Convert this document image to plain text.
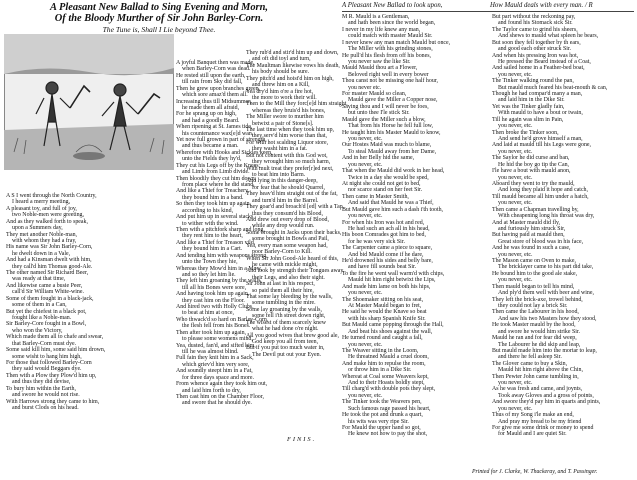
A Pleasant New Ballad to Sing Evening and Morn,
Of the Bloody Murther of Sir John Barley-Corn.
The Tune is, Shall I Lie beyond Thee.
A S I went through the North Country,
I heard a merry meeting,
A pleasant toy, and full of joy,
two Noble-men were greeting,
And as they walked forth to speak,
upon a Summers day,
They met another Noble-man,
with whom they had a fray,
His name was Sir John Barley-Corn,
he dwelt down in a Vale,
And had a Kinsman dwelt with him,
they call'd him Thomas good-Ale.
The other named Sir Richard Beer,
was ready at that time,
And likewise came a busie Peer,
call'd Sir William White-wine.
Some of them fought in a black-jack,
some of them in a Can,
But yet the chiefest in a black pot,
fought like a Noble-man.
Sir Barley-Core fought in a Bowl,
who won the Victory,
Which made them all to chafe and swear,
that Barley-Corn must dye.
Some said kill him, some said him drown,
some wisht to hang him high,
For those that followed Barley-Corn
they said would Beggars dye.
Then with a Plow they Plow'd him up,
and thus they did devise,
To bury him within the Earth,
and swore he would not rise.
With Harrows strong they came to him,
and burst Clods on his head.
A joyful Banquet then was made,
when Barley-Corn was dead.
He rested still upon the earth,
till rain from Sky did fall,
Then he grew upon branches green,
which sore amaz'd them all.
Increasing thus till Midsummer,
he made them all afraid,
For he sprang up on high,
and had a goodly Beard.
When ripening at St. James tide,
his countenance wax[e]d wan,
Yet now full grown in part of strength,
and thus became a man.
Wherefore with Hooks and Sickles keen,
unto the Fields they hy'd,
They cut his Legs off by the Knees,
and Limb from Limb divide.
Then bloodily they cut him down,
from place where he did stand,
And like a Thief for Treachery,
they bound him in a band.
So then they took him up again,
according to his kind,
And put him up in several stacks,
to wither with the wind.
Then with a pitchfork sharp and long,
they rent him to the heart,
And like a Thief for Treason vild,
they bound him in a Cart.
And tending him with weapons strong,
unto the Town they hie,
Whereas they Mow'd him in a Mow,
and so they let him lie.
They left him groaning by the walls,
till all his Bones were sore,
And having took him up again,
they cast him on the Floor.
And hired two with Holly Clubs,
to beat at him at once,
Who thwack'd so hard on Barley-Corn,
the flesh fell from his Bones.
Then after took him up again,
to please some womens mind,
Yea, dusted, fan'd, and sifted him,
till he was almost blind.
Full fain they knit him in a Sack,
which griev'd him very sore,
And soundly steept him in a Fat,
for three days space and more.
From whence again they took him out,
and laid him forth to dry,
Then cast him on the Chamber Floor,
and swore that he should dye.
They rub'd and stir'd him up and down,
and oft did toyl and turn,
The Maultman likewise vows his death,
his body should be sure.
They pitch'd and hoist'd him on high,
and threw him on a Kill,
Yea dry'd him o're a fire hot,
the more to work their will.
Then to the Mill they forc[e]d him straight,
whereas they bruis'd his bones,
The Miller swore to murther him
betwixt a pair of Stone[s].
The last time when they took him up,
they serv'd him worse than that,
For with hot scalding Liquor store,
they washt him in a fat.
But not content with this God wot,
they wrought him so much harm,
With mult treat they prefer[r]ed next,
to beat him into Barm.
And lying in this danger-deep,
for fear that he should Quarrel,
They heav'd him straight out of the fat,
and turn'd him in the Barrel.
They goar'd and broach'd [ed] with a Tap,
thus they consum'd his Blood,
And drew out every drop of Blood,
while any drop would run.
Some brought in Jacks upon their backs,
some brought in Bowls and Pail,
Yea, every man some weapon had,
poor Barley-Corn to Kill.
When Sir John Good-Ale heard of this,
he came with mickle might,
And took by strength their Tongues away,
their Legs, and also their sight.
Sir John at last in his respect,
so paid them all their hire,
That some lay bleeding by the walls,
some tumbling in the mire.
Some lay groaning by the walls,
some fell i'th street down right,
The wisest of them scarcely knew
what he had done o're night.
All you good wives that brew good ale,
God keep you all from teen,
But if you put too much water in,
The Devil put out your Eyen.
FINIS.
A Pleasant New Ballad to look upon,	How Mauld deals with every man. / R
M R. Mauld is a Gentleman,
and hath been since the world began,
I never in my life knew any man,
could match with master Mauld Sir.
I never knew any man match Mauld but once,
The Miller with his grinding stones,
He pull'd his flesh from off his bones,
you never saw the like Sir.
Mauld Mauld thou art a Flower,
Beloved right well in every bower
Thou canst not be missing one half hour,
you never etc.
For master Mauld so clean,
Mauld gave the Miller a Copper nose,
Saying thou and I will never be foes,
but unto thee I'le stick Sir.
Mauld gave the Miller such a blow,
That from his Horse he fell full low,
He taught him his Master Mauld to know,
you never, etc.
Our Hostes Maid was much to blame,
To steal Mauld away from her Dame,
And in her Belly hid the same,
you never, etc.
That when the Mauld did work in her head,
Twice in a day she would be sped,
At night she could not get to bed,
nor scarce stand on her feet Sir.
Then came in Master Smith,
And said that Mauld he was a Thief,
But Mauld gave him such a dash i'th tooth,
you never, etc.
For when his Iron was hot and red,
He had such an ach all in his head,
His boon Comrades got him to bed,
for he was very sick Sir.
The Carpenter came a piece to square,
And bid Mauld come if he dare,
He'd drowned his sides and belly bare,
and have fill sounds beat Sir.
To the fire he went wall warm'd with chips,
Mauld hit him right betwixt the Lips,
And made him lame on both his hips,
you never, etc.
The Shoemaker sitting on his seat,
At Master Mauld began to fret,
He said he would the Knave so beat
with his sharp Spanish Knife Sir.
But Mauld came popping through the Hall,
And beat his shoes against the wall,
He turned round and caught a fall,
you never, etc.
The Weaver sitting in the Loom,
He threatned Mauld a cruel doom,
And make him to repulse the room,
or throw him in a Dike Sir.
Whereat at Coal some Weavers kept,
And to their Hoasts boldly stept,
Till charg'd with double pots they slept,
you never, etc.
The Tinker took the Weavers pen,
Such famous rage passed his heart,
He took the pot and drunk a quart,
his wits was very ripe Sir.
For Mauld the upper hand so got,
He knew not how to pay the shot,
But part without the reckoning pay,
and found his Stomack sick Sir.
The Taylor came to grind his sheers,
And shews to mauld what spleen he bears,
But soon they fell together by th ears,
and good each other struck Sir.
And when his pressing Iron was hot,
He pressed the Beard instead of a Coat,
And sailed home in a Feather-bed boat,
you never, etc.
The Tinker walking round the pan,
But mauld much feared his beat-mouth & can,
Though he had compar'd many a man,
and laid him in the Dike Sir.
Yet was the Tinker gladly fain,
With mauld to have a bout or twain,
Till he again was slim in Pain,
you never, etc.
Then broke the Tinker soon,
And send he'd grove himself a man,
And laid at mauld till his Legs were gone,
you never, etc.
The Saylor he did curse and ban,
He hid the boy go tip the Can,
I'le have a bout with mauld anon,
you never, etc.
Aboard they went to try the mauld,
And long they plaid it hope and catch,
Till mauld became all him under a hatch,
you never, etc.
Then came a Chapman travelling by,
With cheapening long his throat was dry,
And at Master mauld did fly,
and furiously him struck Sir,
But having paid at mauld then,
Great store of blood was in his face,
And he was found in such a case,
you never, etc.
The Mason came on Oven to make,
The bricklayer came to his part did take,
He bound him to the good ale stake,
you never, etc.
Then mauld began to tell his mind,
And ply'd them well with beer and wine,
They left the brick-axe, trowel behind,
they could not lay a brick Sir.
Then came the Labourer in his hood,
And saw his two Masters how they stood,
He took Master mauld by the hood,
and swore he would him strike Sir.
Mauld he ran and for fear did weep,
The Labourer he did skip and leap,
But mauld made him into the mortar to leap,
and there he fell asleep Sir.
The Glover came to buy a Skin,
Mauld hit him right above the Chin,
Then Pewter John came tumbling in,
you never, etc.
As he was fresh and came, and joynts,
Took away Gloves and a gross of points,
And swore they'd pay him in quarts and pints,
you never, etc.
Thus of my Song i'le make an end,
And pray my bread to be my friend
For give me some drink or money to spend
for Mauld and I are quiet Sir.
Printed for J. Clarke, W. Thackeray, and T. Passinger.
